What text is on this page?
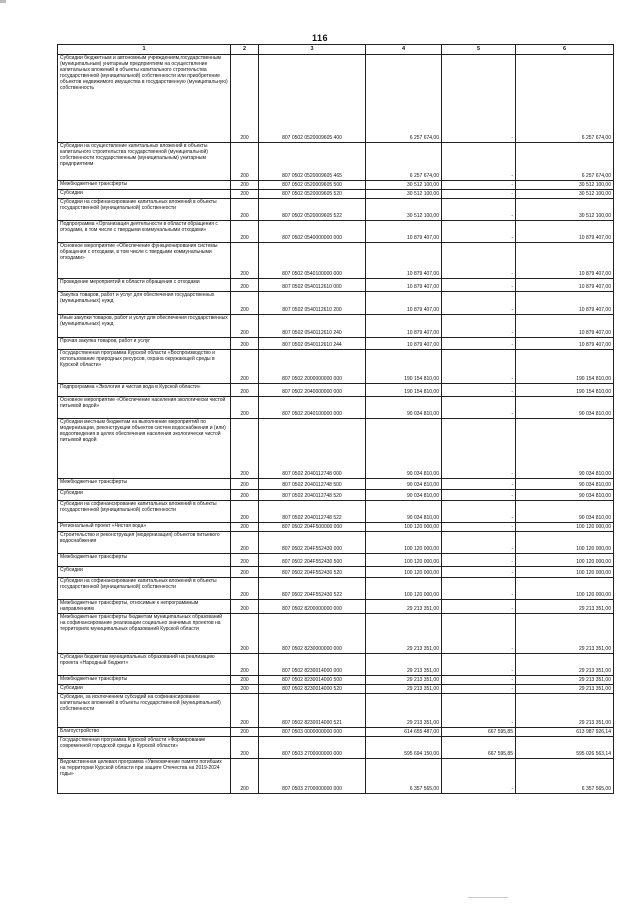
116
1	2	3	4	5	6
Субсидии бюджетным и автономным учреждениям,государственным (муниципальным) унитарным предприятиям на осуществление капитальных вложений в объекты капитального строительства государственной (муниципальной) собственности или приобретение объектов недвижимого имущества в государственную (муниципальную) собственность	200	807 0502 0520009605 400	6 257 674,00	-	6 257 674,00
Субсидии на осуществление капитальных вложений в объекты капитального строительства государственной (муниципальной) собственности государственным (муниципальным) унитарным предприятиям	200	807 0502 0520009605 465	6 257 674,00	-	6 257 674,00
Межбюджетные трансферты	200	807 0502 0520009605 500	30 512 100,00	-	30 512 100,00
Субсидии	200	807 0502 0520009605 520	30 512 100,00	-	30 512 100,00
Субсидии на софинансирование капитальных вложений в объекты государственной (муниципальной) собственности	200	807 0502 0520009605 522	30 512 100,00	-	30 512 100,00
Подпрограмма «Организация деятельности в области обращения с отходами, в том числе с твердыми коммунальными отходами»	200	807 0502 0540000000 000	10 879 407,00	-	10 879 407,00
Основное мероприятие «Обеспечение функционирования системы обращения с отходами, в том числе с твердыми коммунальными отходами»	200	807 0502 0540100000 000	10 879 407,00	-	10 879 407,00
Проведение мероприятий в области обращения с отходами	200	807 0502 0540112610 000	10 879 407,00	-	10 879 407,00
Закупка товаров, работ и услуг для обеспечения государственных (муниципальных) нужд	200	807 0502 0540112610 200	10 879 407,00	-	10 879 407,00
Иные закупки товаров, работ и услуг для обеспечения государственных (муниципальных) нужд	200	807 0502 0540112610 240	10 879 407,00	-	10 879 407,00
Прочая закупка товаров, работ и услуг	200	807 0502 0540112610 244	10 879 407,00	-	10 879 407,00
Государственная программа Курской области «Воспроизводство и использование природных ресурсов, охрана окружающей среды в Курской области»	200	807 0502 2000000000 000	190 154 810,00	-	190 154 810,00
Подпрограмма «Экология и чистая вода в Курской области»	200	807 0502 2040000000 000	190 154 810,00	-	190 154 810,00
Основное мероприятие «Обеспечение населения экологически чистой питьевой водой»	200	807 0502 2040100000 000	90 034 810,00	-	90 034 810,00
Субсидии местным бюджетам на выполнение мероприятий по модернизации, реконструкции объектов систем водоснабжения и (или) водоотведения в целях обеспечения населения экологически чистой питьевой водой	200	807 0502 2040112748 000	90 034 810,00	-	90 034 810,00
Межбюджетные трансферты	200	807 0502 2040112748 500	90 034 810,00	-	90 034 810,00
Субсидии	200	807 0502 2040112748 520	90 034 810,00	-	90 034 810,00
Субсидии на софинансирование капитальных вложений в объекты государственной (муниципальной) собственности	200	807 0502 2040112748 522	90 034 810,00	-	90 034 810,00
Региональный проект «Чистая вода»	200	807 0502 204F500000 000	100 120 000,00	-	100 120 000,00
Строительство и реконструкция (модернизация) объектов питьевого водоснабжения	200	807 0502 204F552430 000	100 120 000,00	-	100 120 000,00
Межбюджетные трансферты	200	807 0502 204F552430 500	100 120 000,00	-	100 120 000,00
Субсидии	200	807 0502 204F552430 520	100 120 000,00	-	100 120 000,00
Субсидии на софинансирование капитальных вложений в объекты государственной (муниципальной) собственности	200	807 0502 204F552430 522	100 120 000,00	-	100 120 000,00
Межбюджетные трансферты, относимые к непрограммным направлениям	200	807 0502 8200000000 000	29 213 351,00	-	29 213 351,00
Межбюджетные трансферты бюджетам муниципальных образований на софинансирование реализации социально значимых проектов на территориях муниципальных образований Курской области	200	807 0502 8230000000 000	29 213 351,00	-	29 213 351,00
Субсидии бюджетам муниципальных образований на реализацию проекта «Народный бюджет»	200	807 0502 8230014000 000	29 213 351,00	-	29 213 351,00
Межбюджетные трансферты	200	807 0502 8230014000 500	29 213 351,00	-	29 213 351,00
Субсидии	200	807 0502 8230014000 520	29 213 351,00	-	29 213 351,00
Субсидии, за исключением субсидий на софинансирование капитальных вложений в объекты государственной (муниципальной) собственности	200	807 0502 8230014000 521	29 213 351,00	-	29 213 351,00
Благоустройство	200	807 0503 0000000000 000	614 655 487,00	667 595,85	613 987 926,14
Государственная программа Курской области «Формирование современной городской среды в Курской области»	200	807 0503 2700000000 000	595 694 150,00	667 595,85	595 026 563,14
Ведомственная целевая программа «Увековечение памяти погибших на территории Курской области при защите Отечества на 2019-2024 годы»	200	807 0503 2700000000 000	6 357 565,00	-	6 357 565,00
